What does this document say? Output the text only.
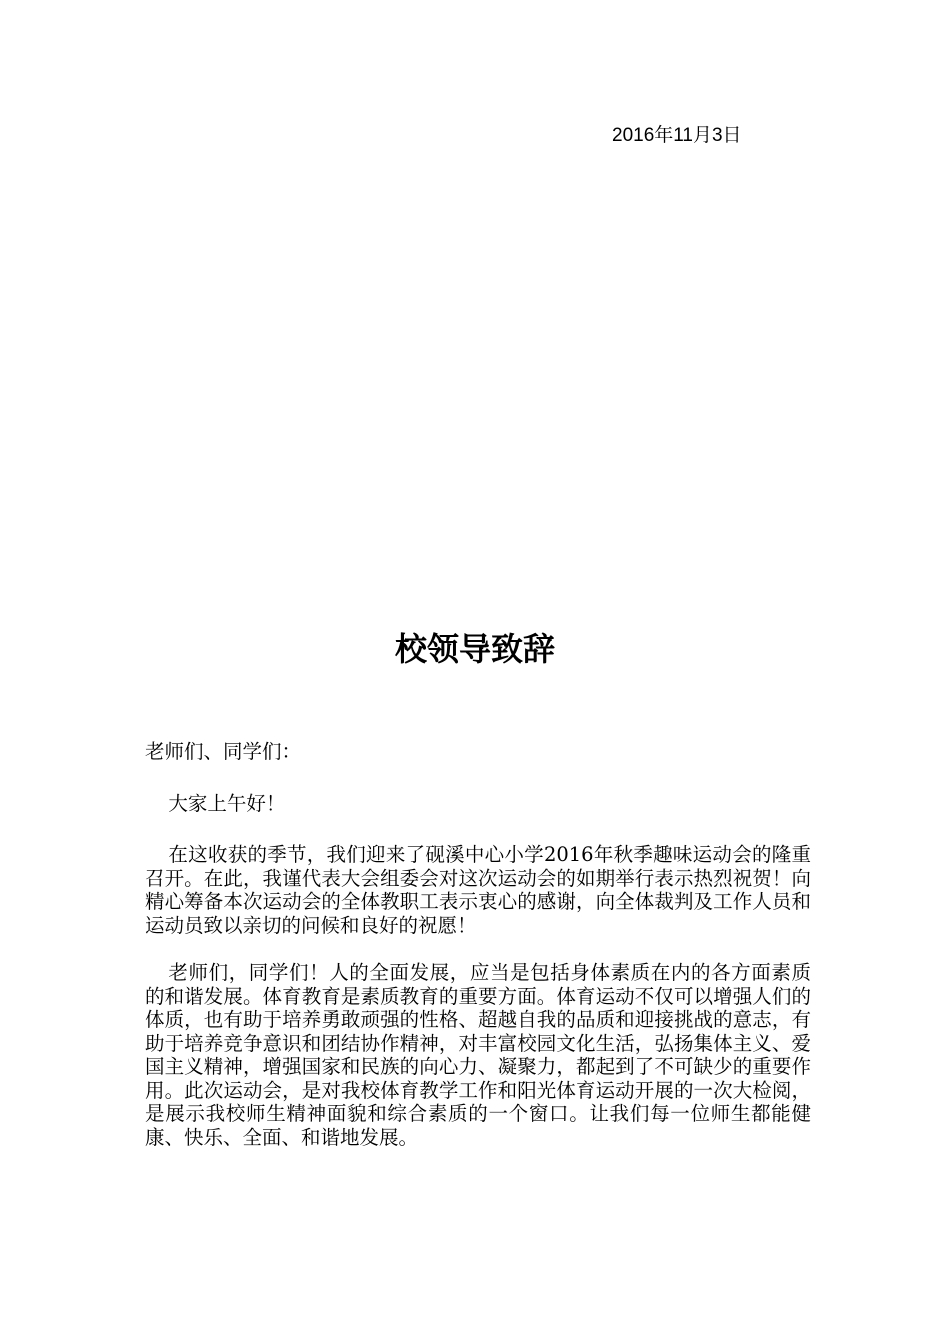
2016年11月3日
校领导致辞

老师们、同学们：

大家上午好！

在这收获的季节，我们迎来了砚溪中心小学2016年秋季趣味运动会的隆重召开。在此，我谨代表大会组委会对这次运动会的如期举行表示热烈祝贺！向精心筹备本次运动会的全体教职工表示衷心的感谢，向全体裁判及工作人员和运动员致以亲切的问候和良好的祝愿！

老师们，同学们！人的全面发展，应当是包括身体素质在内的各方面素质的和谐发展。体育教育是素质教育的重要方面。体育运动不仅可以增强人们的体质，也有助于培养勇敢顽强的性格、超越自我的品质和迎接挑战的意志，有助于培养竞争意识和团结协作精神，对丰富校园文化生活，弘扬集体主义、爱国主义精神，增强国家和民族的向心力、凝聚力，都起到了不可缺少的重要作用。此次运动会，是对我校体育教学工作和阳光体育运动开展的一次大检阅，是展示我校师生精神面貌和综合素质的一个窗口。让我们每一位师生都能健康、快乐、全面、和谐地发展。
